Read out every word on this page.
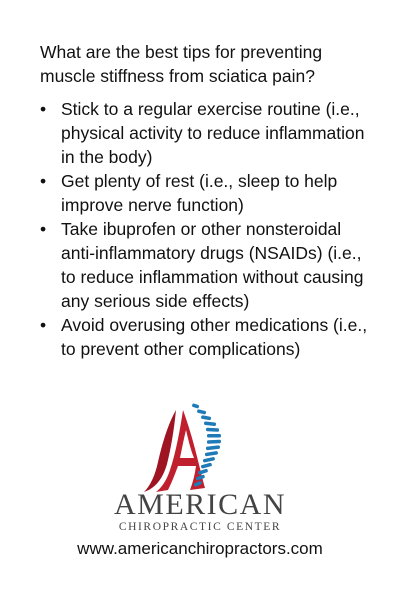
What are the best tips for preventing muscle stiffness from sciatica pain?

• Stick to a regular exercise routine (i.e., physical activity to reduce inflammation in the body)
• Get plenty of rest (i.e., sleep to help improve nerve function)
• Take ibuprofen or other nonsteroidal anti-inflammatory drugs (NSAIDs) (i.e., to reduce inflammation without causing any serious side effects)
• Avoid overusing other medications (i.e., to prevent other complications)
AMERICAN
CHIROPRACTIC CENTER
www.americanchiropractors.com
